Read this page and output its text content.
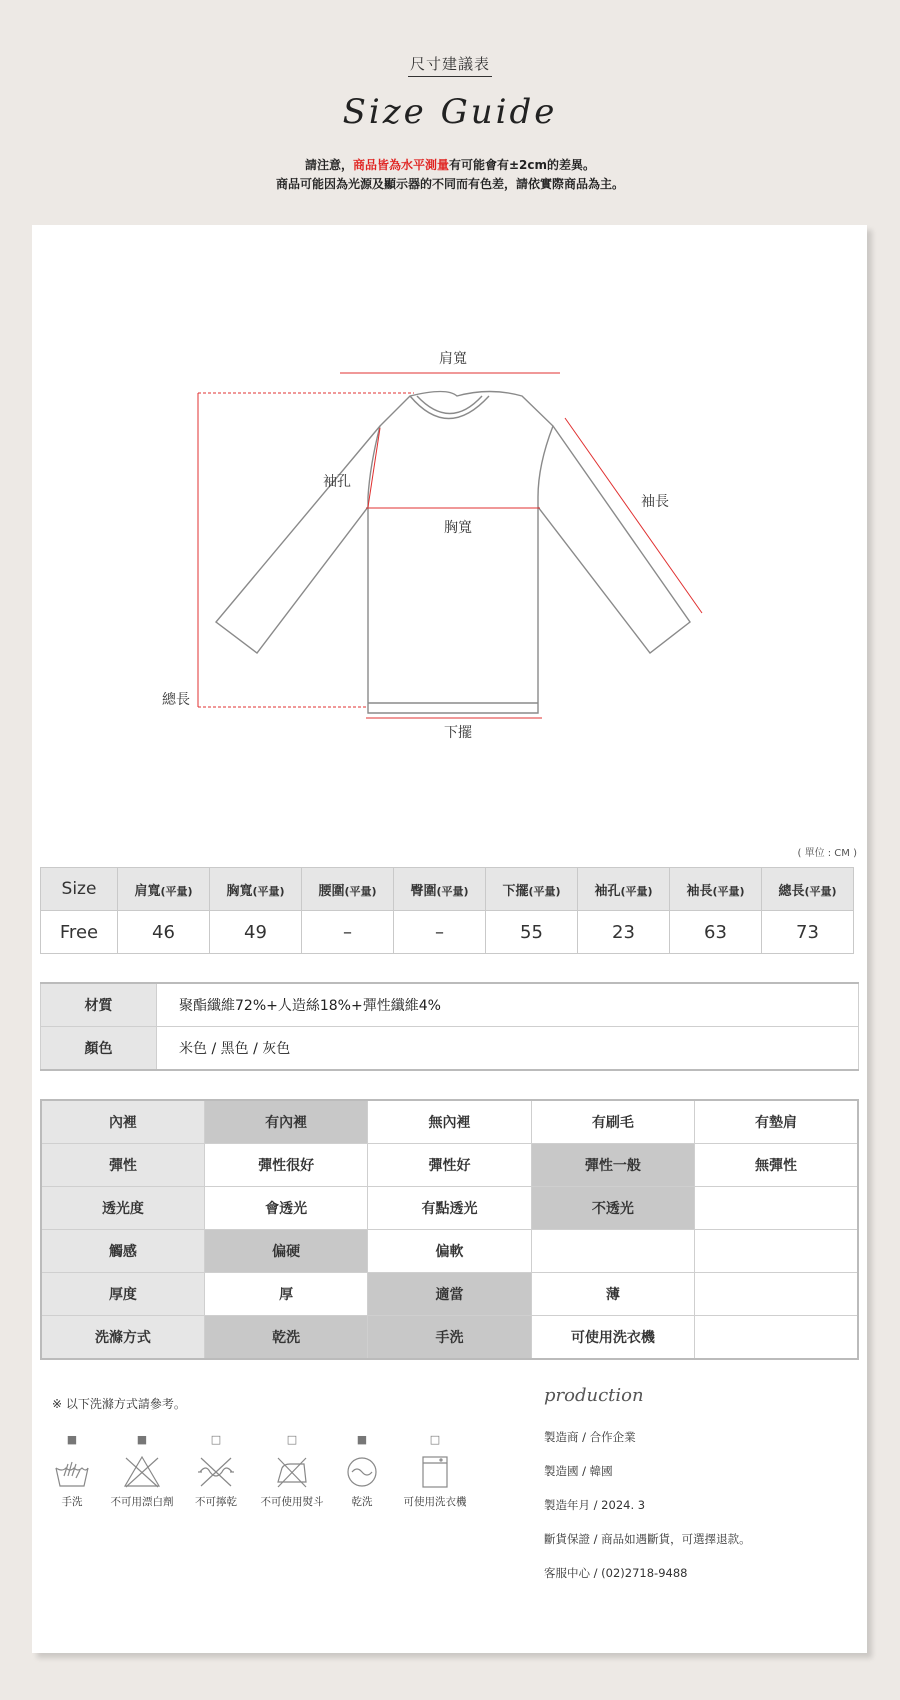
尺寸建議表
Size Guide
請注意，商品皆為水平測量有可能會有±2cm的差異。
商品可能因為光源及顯示器的不同而有色差，請依實際商品為主。
肩寬
袖孔
袖長
胸寬
總長
下擺
( 單位 : CM )
Size	肩寬(平量)	胸寬(平量)	腰圍(平量)	臀圍(平量)	下擺(平量)	袖孔(平量)	袖長(平量)	總長(平量)
Free	46	49	–	–	55	23	63	73
材質	聚酯纖維72%+人造絲18%+彈性纖維4%
顏色	米色 / 黑色 / 灰色
內裡	有內裡	無內裡	有刷毛	有墊肩
彈性	彈性很好	彈性好	彈性一般	無彈性
透光度	會透光	有點透光	不透光	
觸感	偏硬	偏軟		
厚度	厚	適當	薄	
洗滌方式	乾洗	手洗	可使用洗衣機	
※ 以下洗滌方式請參考。
■
手洗
■
不可用漂白劑
□
不可擰乾
□
不可使用熨斗
■
乾洗
□
可使用洗衣機
production
製造商 / 合作企業
製造國 / 韓國
製造年月 / 2024. 3
斷貨保證 / 商品如遇斷貨，可選擇退款。
客服中心 / (02)2718-9488
